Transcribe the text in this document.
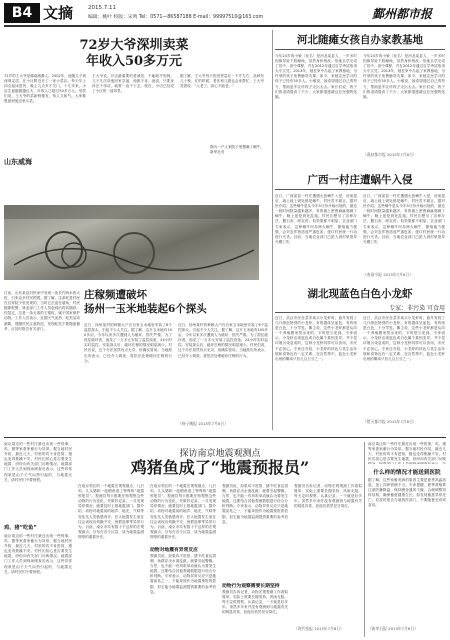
B4 文摘	2015.7.11
编辑：姚叶 校版：宋鸣 Tel：0571—86587188 E-mail：99997510@163.com	鄞州都市报
72岁大爷深圳卖菜
年收入50多万元
72岁的王大爷是湖南湘潭人。2002年，他随儿子到深圳定居，在小区附近开了一家小菜店。每天早上四点起床进货，晚上九点多才关门。十几年来，小店生意越做越红火，年收入已超过50多万元。邻居们说，王大爷的菜新鲜便宜，待人又和气，大家都愿意到他这里买菜。
王大爷说，开店最重要的是诚信，不能缺斤短两。儿子几次劝他回家享福，他都不肯。他说，只要身体还干得动，就要一直干下去。现在，小店已经成了小区的一道风景。
据了解，王大爷每天的进货量在一千斤左右，品种有几十种。忙的时候，老伴和儿媳也会来帮忙。王大爷笑着说：“人老了，但心不能老。”
山东威海
图为一户人家院子里摆满了蜗牛。新华社发
河北随瘫女孩自办家教基地
今年24岁的小敏（化名）是河北某县人，一岁多时因病导致下肢瘫痪。虽然身体残疾，但她自学完成了初中、高中课程，并在2012年通过自学考试取得大专文凭。2013年，她在家中办起了家教基地，为村里的孩子免费辅导功课。如今，来她这里学习的孩子已经有30多人。小敏说，她希望通过自己的努力，帮助更多农村孩子走出大山。家长们说，孩子们的成绩提高了不少，大家都很感谢这位坚强的姑娘。
今年24岁的小敏（化名）是河北某县人，一岁多时因病导致下肢瘫痪。虽然身体残疾，但她自学完成了初中、高中课程，并在2012年通过自学考试取得大专文凭。2013年，她在家中办起了家教基地，为村里的孩子免费辅导功课。如今，来她这里学习的孩子已经有30多人。小敏说，她希望通过自己的努力，帮助更多农村孩子走出大山。家长们说，孩子们的成绩提高了不少，大家都很感谢这位坚强的姑娘。
（燕赵都市报 2015年7月8日）
广西一村庄遭蜗牛入侵
近日，广西某县一村庄遭遇大批蜗牛入侵，房前屋后、墙上地上到处都是蜗牛，村民苦不堪言。据村民介绍，这些蜗牛是从今年5月份开始出现的，最近一段时间数量越来越多，有的墙上密密麻麻爬满了蜗牛，晚上更是到处乱爬。村民们想尽了各种办法，撒石灰、喷农药，但效果都不明显。农业部门专家表示，这种蜗牛叫非洲大蜗牛，繁殖能力极强，会对农作物造成严重危害，建议村民统一行动进行灭杀。目前，当地农业部门已派人到村里指导灭螺工作。
近日，广西某县一村庄遭遇大批蜗牛入侵，房前屋后、墙上地上到处都是蜗牛，村民苦不堪言。据村民介绍，这些蜗牛是从今年5月份开始出现的，最近一段时间数量越来越多，有的墙上密密麻麻爬满了蜗牛，晚上更是到处乱爬。村民们想尽了各种办法，撒石灰、喷农药，但效果都不明显。农业部门专家表示，这种蜗牛叫非洲大蜗牛，繁殖能力极强，会对农作物造成严重危害，建议村民统一行动进行灭杀。目前，当地农业部门已派人到村里指导灭螺工作。
（南国今报 2015年7月8日）
庄稼频遭破坏
扬州一玉米地装起6个探头
日前，山东某县村民家中发现一条长约两米的大蛇，引来众多村民围观。据了解，这条蛇是村民在自家院子里发现的，当时它正盘在墙角，村民随即报警，林业部门工作人员赶到后将其捕获。经鉴定，这是一条无毒的王锦蛇，属于国家保护动物。工作人员表示，近期天气炎热，蛇类活动频繁，提醒村民注意防范，发现蛇类不要随意捕杀，应及时报告有关部门。
近日，扬州某村的种粮大户在自家玉米地里安装了6个监控探头，引起不少人关注。据了解，这片玉米地有100多亩，今年以来多次遭到人为破坏，损失严重。为了抓住破坏者，他花了一万多元安装了监控设备，24小时实时监控。安装探头后，破坏庄稼的情况明显减少。村民们说，这个办法虽然有点无奈，但确实管用。当地派出所表示，已经介入调查，将依法处理破坏庄稼的行为。
近日，扬州某村的种粮大户在自家玉米地里安装了6个监控探头，引起不少人关注。据了解，这片玉米地有100多亩，今年以来多次遭到人为破坏，损失严重。为了抓住破坏者，他花了一万多元安装了监控设备，24小时实时监控。安装探头后，破坏庄稼的情况明显减少。村民们说，这个办法虽然有点无奈，但确实管用。当地派出所表示，已经介入调查，将依法处理破坏庄稼的行为。
（扬子晚报 2015年7月8日）
湖北现蓝色白色小龙虾
专家：非污染 可食用
近日，武汉市民在菜市场买小龙虾时，意外发现了几只颜色特别的小龙虾，有的通体呈蓝色，有的则是白色，十分罕见。摊主说，这些小龙虾都是从同一个养殖塘里捞出来的，平时很少见到。专家表示，小龙虾出现蓝色或白色属于基因变异，并不是环境污染造成的，这种小龙虾同样可以食用，市民不必担心。专家还介绍，小龙虾的体色与其生活环境和食物也有一定关系，在自然界中，蓝色小龙虾出现的概率只有几百万分之一。
近日，武汉市民在菜市场买小龙虾时，意外发现了几只颜色特别的小龙虾，有的通体呈蓝色，有的则是白色，十分罕见。摊主说，这些小龙虾都是从同一个养殖塘里捞出来的，平时很少见到。专家表示，小龙虾出现蓝色或白色属于基因变异，并不是环境污染造成的，这种小龙虾同样可以食用，市民不必担心。专家还介绍，小龙虾的体色与其生活环境和食物也有一定关系，在自然界中，蓝色小龙虾出现的概率只有几百万分之一。
（楚天都市报 2015年7月8日）
南京周边的一些村庄最近出现一些怪事，鸡、猪等家禽家畜行为异常。据当地村民介绍，最近几天，村里的鸡不肯进窝，猪也变得焦躁不安。村民们担心是否要发生地震，纷纷向有关部门反映情况。地震部门工作人员到现场调查后表示，这些异常现象是由于天气闷热引起的，与地震无关，请村民们不要惊慌。
鸡、猪“吃鱼”
南京周边的一些村庄最近出现一些怪事，鸡、猪等家禽家畜行为异常。据当地村民介绍，最近几天，村里的鸡不肯进窝，猪也变得焦躁不安。村民们担心是否要发生地震，纷纷向有关部门反映情况。地震部门工作人员到现场调查后表示，这些异常现象是由于天气闷热引起的，与地震无关，请村民们不要惊慌。
探访南京地震观测点
鸡猪鱼成了“地震预报员”
在南京郊区的一个地震宏观观测点，几只鸡、几头猪和一池塘鱼成了特殊的“地震预报员”。观测员每天都要仔细观察这些动物的行为变化，并做好记录。一旦发现异常情况，就要及时上报地震部门。据介绍，动物对地震前的地声、地光、气味等变化比人类敏感得多，在大地震发生前往往会表现出烦躁不安、惊慌逃窜等异常行为。目前，南京市共有数十个这样的宏观观测点，分布在各个区县，成为地震监测网络的重要补充。
在南京郊区的一个地震宏观观测点，几只鸡、几头猪和一池塘鱼成了特殊的“地震预报员”。观测员每天都要仔细观察这些动物的行为变化，并做好记录。一旦发现异常情况，就要及时上报地震部门。据介绍，动物对地震前的地声、地光、气味等变化比人类敏感得多，在大地震发生前往往会表现出烦躁不安、惊慌逃窜等异常行为。目前，南京市共有数十个这样的宏观观测点，分布在各个区县，成为地震监测网络的重要补充。
动物对地震有异常反应
观测员说，如果鸡不进窝、猪不吃食乱拱圈、鱼群浮出水面乱跳，就要引起警惕。当然，也不能一有风吹草动就认为要发生地震，还要结合其他观测数据进行综合分析判断。专家表示，动物异常反应只是地震前兆之一，不能单独作为地震预报的依据，但它能为地震监测提供重要的参考信息。
观测员说，如果鸡不进窝、猪不吃食乱拱圈、鱼群浮出水面乱跳，就要引起警惕。当然，也不能一有风吹草动就认为要发生地震，还要结合其他观测数据进行综合分析判断。专家表示，动物异常反应只是地震前兆之一，不能单独作为地震预报的依据，但它能为地震监测提供重要的参考信息。
动物行为观察需要长期坚持
观测员告诉记者，动物宏观观测工作看似简单，实际上需要长期坚持，风雨无阻。每天定时观察，认真记录，一干就是好多年。虽然多年来并没有观测到与地震有关的明显异常，但他们依然坚守岗位。
观测员告诉记者，动物宏观观测工作看似简单，实际上需要长期坚持，风雨无阻。每天定时观察，认真记录，一干就是好多年。虽然多年来并没有观测到与地震有关的明显异常，但他们依然坚守岗位。
（现代快报 2015年7月8日）
南京周边的一些村庄最近出现一些怪事，鸡、猪等家禽家畜行为异常。据当地村民介绍，最近几天，村里的鸡不肯进窝，猪也变得焦躁不安。村民们担心是否要发生地震，纷纷向有关部门反映
什么样的情况才能送到医院
据了解，这些家畜发病的原因主要是夏季高温高湿，加上饲养管理不当。专家提醒，夏季养殖要注意防暑降温，保持圈舍通风干燥，合理调整饲料结构，确保畜禽健康生长。如发现畜禽异常死亡，应及时报告当地兽医部门，不要随意丢弃或食用。
（新华日报 2015年7月8日）
